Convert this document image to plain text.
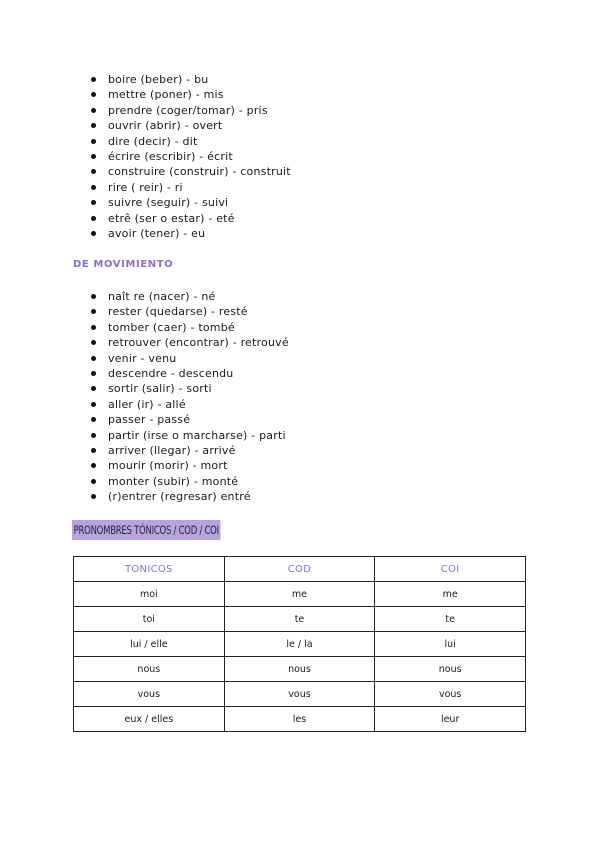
boire (beber) - bu
mettre (poner) - mis
prendre (coger/tomar) - pris
ouvrir (abrir) - overt
dire (decir) - dit
écrire (escribir) - écrit
construire (construir) - construit
rire ( reir) - ri
suivre (seguir) - suivi
etrê (ser o estar) - eté
avoir (tener) - eu
DE MOVIMIENTO
naît re (nacer) - né
rester (quedarse) - resté
tomber (caer) - tombé
retrouver (encontrar) - retrouvé
venir - venu
descendre - descendu
sortir (salir) - sorti
aller (ir) - allé
passer - passé
partir (irse o marcharse) - parti
arriver (llegar) - arrivé
mourir (morir) - mort
monter (subir) - monté
(r)entrer (regresar) entré
PRONOMBRES TÓNICOS / COD / COI
TONICOS	COD	COI
moi	me	me
toi	te	te
lui / elle	le / la	lui
nous	nous	nous
vous	vous	vous
eux / elles	les	leur
